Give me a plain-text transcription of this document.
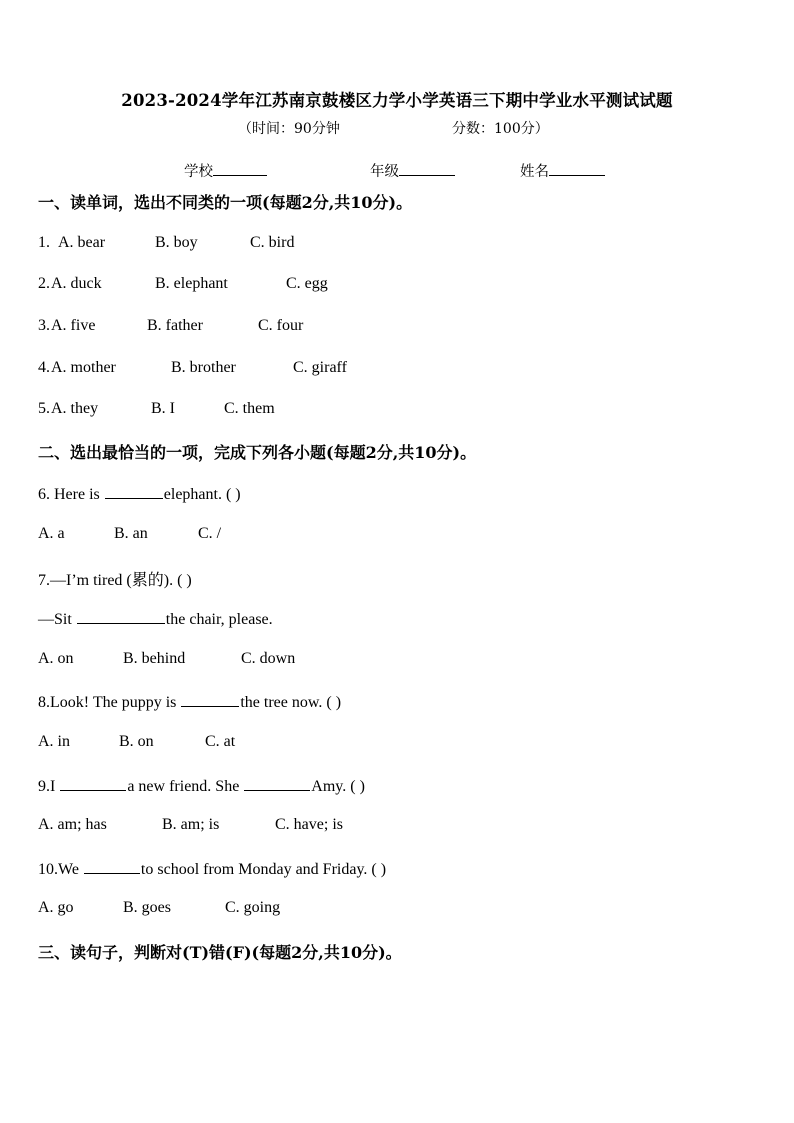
2023-2024学年江苏南京鼓楼区力学小学英语三下期中学业水平测试试题
（时间：90分钟	分数：100分）
学校	年级	姓名
一、读单词，选出不同类的一项(每题2分,共10分)。
1. A. bear	B. boy	C. bird
2. A. duck	B. elephant	C. egg
3. A. five	B. father	C. four
4. A. mother	B. brother	C. giraff
5. A. they	B. I	C. them
二、选出最恰当的一项，完成下列各小题(每题2分,共10分)。
6. Here is	elephant. ( )
A. a	B. an	C. /
7.—I’m tired (累的). ( )
—Sit	the chair, please.
A. on	B. behind	C. down
8.Look! The puppy is	the tree now. ( )
A. in	B. on	C. at
9.I	a new friend. She	Amy. ( )
A. am; has	B. am; is	C. have; is
10.We	to school from Monday and Friday. ( )
A. go	B. goes	C. going
三、读句子，判断对(T)错(F)(每题2分,共10分)。
